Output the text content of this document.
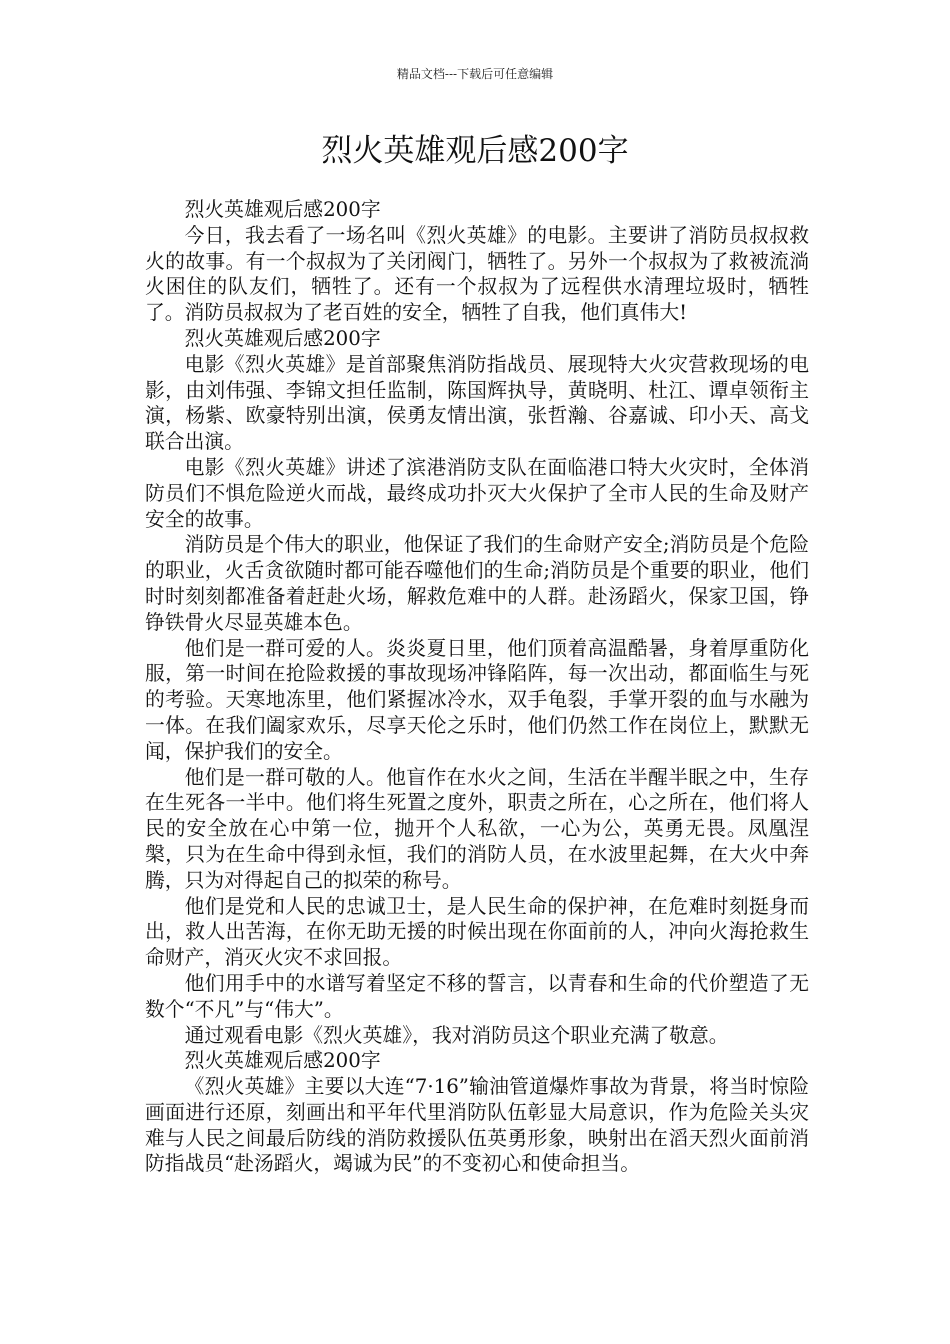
精品文档---下载后可任意编辑
烈火英雄观后感200字

烈火英雄观后感200字

今日，我去看了一场名叫《烈火英雄》的电影。主要讲了消防员叔叔救火的故事。有一个叔叔为了关闭阀门，牺牲了。另外一个叔叔为了救被流淌火困住的队友们，牺牲了。还有一个叔叔为了远程供水清理垃圾时，牺牲了。消防员叔叔为了老百姓的安全，牺牲了自我，他们真伟大!

烈火英雄观后感200字

电影《烈火英雄》是首部聚焦消防指战员、展现特大火灾营救现场的电影，由刘伟强、李锦文担任监制，陈国辉执导，黄晓明、杜江、谭卓领衔主演，杨紫、欧豪特别出演，侯勇友情出演，张哲瀚、谷嘉诚、印小天、高戈联合出演。

电影《烈火英雄》讲述了滨港消防支队在面临港口特大火灾时，全体消防员们不惧危险逆火而战，最终成功扑灭大火保护了全市人民的生命及财产安全的故事。

消防员是个伟大的职业，他保证了我们的生命财产安全;消防员是个危险的职业，火舌贪欲随时都可能吞噬他们的生命;消防员是个重要的职业，他们时时刻刻都准备着赶赴火场，解救危难中的人群。赴汤蹈火，保家卫国，铮铮铁骨火尽显英雄本色。

他们是一群可爱的人。炎炎夏日里，他们顶着高温酷暑，身着厚重防化服，第一时间在抢险救援的事故现场冲锋陷阵，每一次出动，都面临生与死的考验。天寒地冻里，他们紧握冰冷水，双手龟裂，手掌开裂的血与水融为一体。在我们阖家欢乐，尽享天伦之乐时，他们仍然工作在岗位上，默默无闻，保护我们的安全。

他们是一群可敬的人。他盲作在水火之间，生活在半醒半眠之中，生存在生死各一半中。他们将生死置之度外，职责之所在，心之所在，他们将人民的安全放在心中第一位，抛开个人私欲，一心为公，英勇无畏。凤凰涅槃，只为在生命中得到永恒，我们的消防人员，在水波里起舞，在大火中奔腾，只为对得起自己的拟荣的称号。

他们是党和人民的忠诚卫士，是人民生命的保护神，在危难时刻挺身而出，救人出苦海，在你无助无援的时候出现在你面前的人，冲向火海抢救生命财产，消灭火灾不求回报。

他们用手中的水谱写着坚定不移的誓言，以青春和生命的代价塑造了无数个“不凡”与“伟大”。

通过观看电影《烈火英雄》，我对消防员这个职业充满了敬意。

烈火英雄观后感200字

《烈火英雄》主要以大连“7·16”输油管道爆炸事故为背景，将当时惊险画面进行还原，刻画出和平年代里消防队伍彰显大局意识，作为危险关头灾难与人民之间最后防线的消防救援队伍英勇形象，映射出在滔天烈火面前消防指战员“赴汤蹈火，竭诚为民”的不变初心和使命担当。
